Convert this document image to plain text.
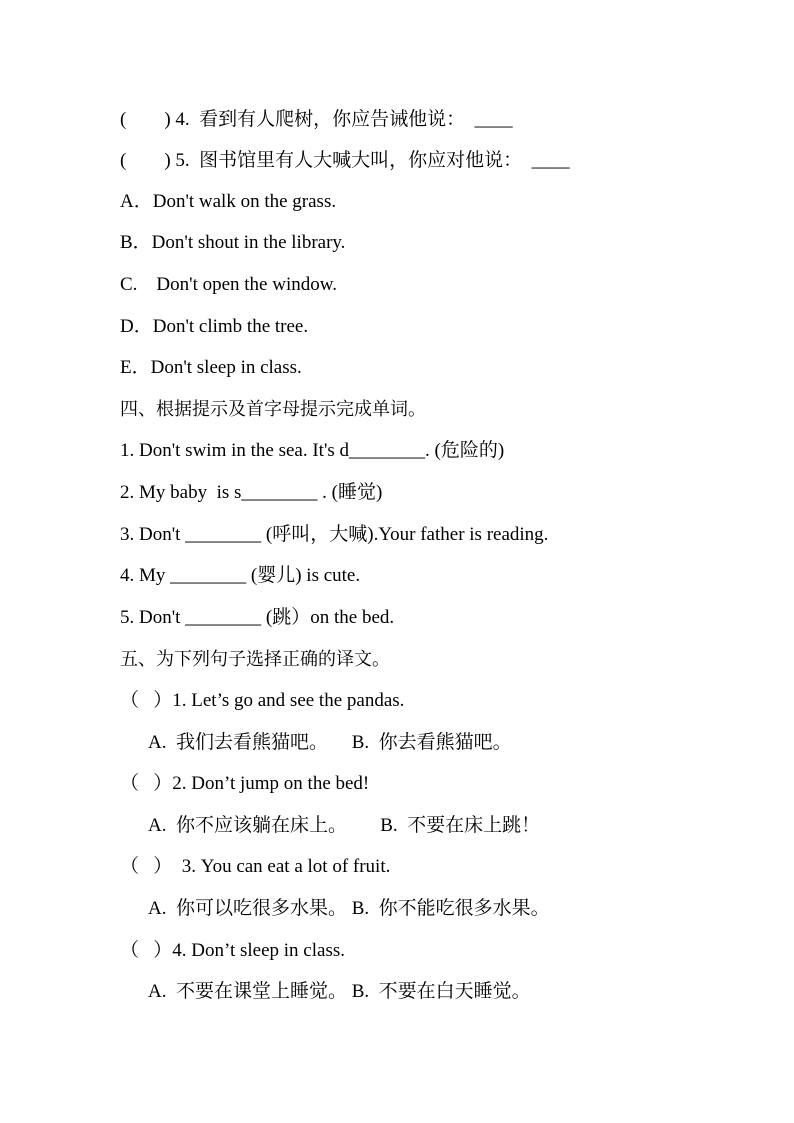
(        ) 4.  看到有人爬树，你应告诫他说：  ____
(        ) 5.  图书馆里有人大喊大叫，你应对他说：  ____
A．Don't walk on the grass.
B．Don't shout in the library.
C.    Don't open the window.
D．Don't climb the tree.
E．Don't sleep in class.
四、根据提示及首字母提示完成单词。
1. Don't swim in the sea. It's d________. (危险的)
2. My baby  is s________ . (睡觉)
3. Don't ________ (呼叫，大喊).Your father is reading.
4. My ________ (婴儿) is cute.
5. Don't ________ (跳）on the bed.
五、为下列句子选择正确的译文。
（   ）1. Let’s go and see the pandas.
A.  我们去看熊猫吧。     B.  你去看熊猫吧。
（   ）2. Don’t jump on the bed!
A.  你不应该躺在床上。       B.  不要在床上跳！
（   ）  3. You can eat a lot of fruit.
A.  你可以吃很多水果。 B.  你不能吃很多水果。
（   ）4. Don’t sleep in class.
A.  不要在课堂上睡觉。 B.  不要在白天睡觉。
